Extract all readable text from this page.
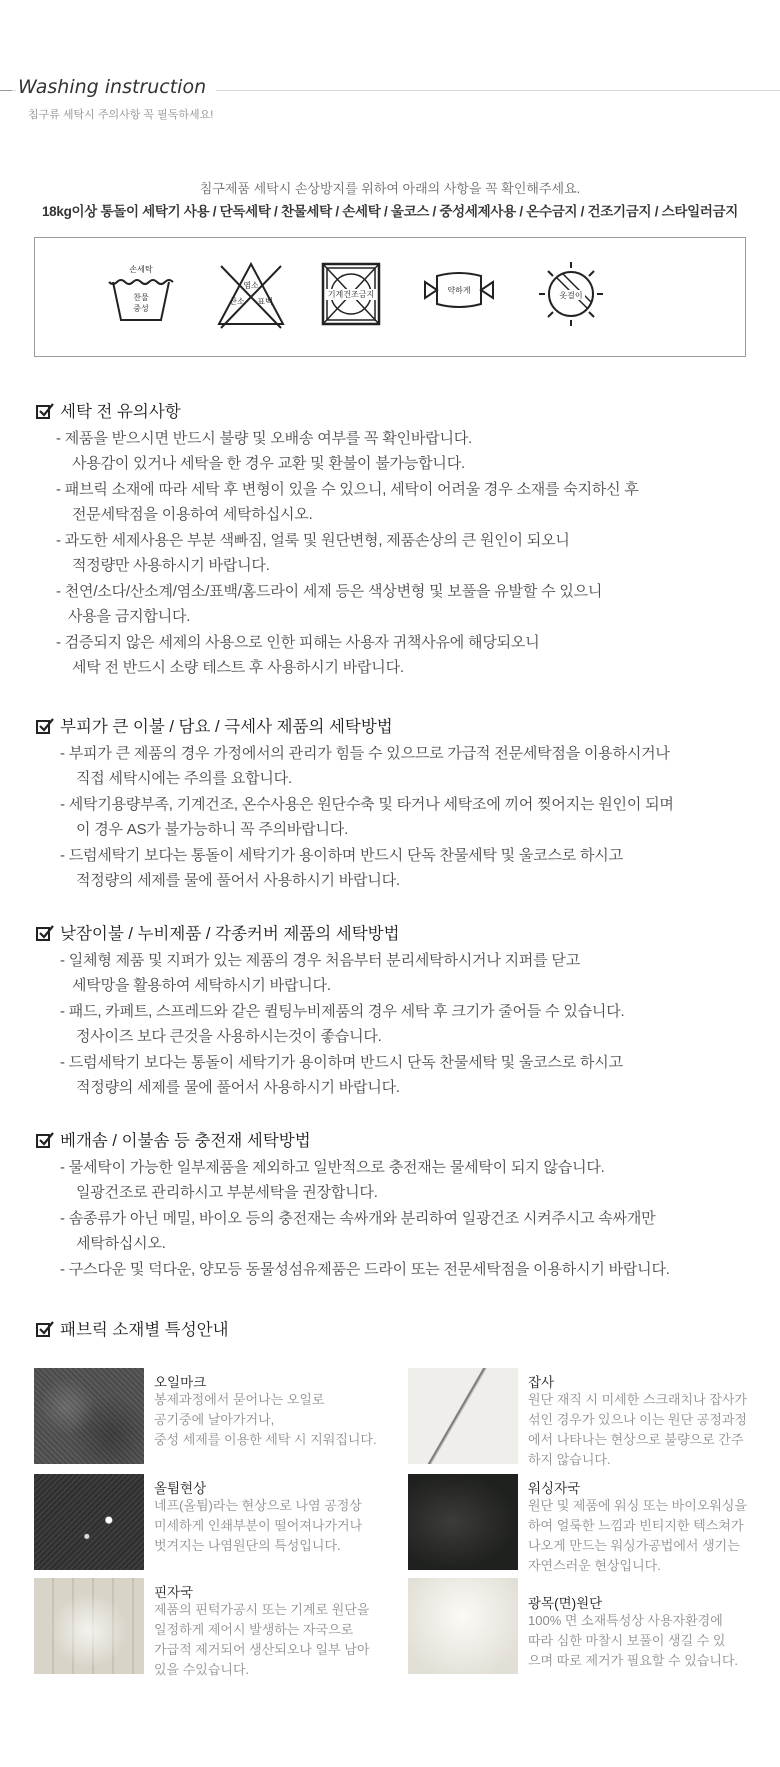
Washing instruction
침구류 세탁시 주의사항 꼭 필독하세요!
침구제품 세탁시 손상방지를 위하여 아래의 사항을 꼭 확인해주세요.
18kg이상 통돌이 세탁기 사용 / 단독세탁 / 찬물세탁 / 손세탁 / 울코스 / 중성세제사용 / 온수금지 / 건조기금지 / 스타일러금지
손세탁
찬물
중성
염소
산소 표백
기계건조금지	약하게
옷걸이
세탁 전 유의사항
- 제품을 받으시면 반드시 불량 및 오배송 여부를 꼭 확인바랍니다.
사용감이 있거나 세탁을 한 경우 교환 및 환불이 불가능합니다.
- 패브릭 소재에 따라 세탁 후 변형이 있을 수 있으니, 세탁이 어려울 경우 소재를 숙지하신 후
전문세탁점을 이용하여 세탁하십시오.
- 과도한 세제사용은 부분 색빠짐, 얼룩 및 원단변형, 제품손상의 큰 원인이 되오니
적정량만 사용하시기 바랍니다.
- 천연/소다/산소계/염소/표백/홈드라이 세제 등은 색상변형 및 보풀을 유발할 수 있으니
사용을 금지합니다.
- 검증되지 않은 세제의 사용으로 인한 피해는 사용자 귀책사유에 해당되오니
세탁 전 반드시 소량 테스트 후 사용하시기 바랍니다.
부피가 큰 이불 / 담요 / 극세사 제품의 세탁방법
- 부피가 큰 제품의 경우 가정에서의 관리가 힘들 수 있으므로 가급적 전문세탁점을 이용하시거나
직접 세탁시에는 주의를 요합니다.
- 세탁기용량부족, 기계건조, 온수사용은 원단수축 및 타거나 세탁조에 끼어 찢어지는 원인이 되며
이 경우 AS가 불가능하니 꼭 주의바랍니다.
- 드럼세탁기 보다는 통돌이 세탁기가 용이하며 반드시 단독 찬물세탁 및 울코스로 하시고
적정량의 세제를 물에 풀어서 사용하시기 바랍니다.
낮잠이불 / 누비제품 / 각종커버 제품의 세탁방법
- 일체형 제품 및 지퍼가 있는 제품의 경우 처음부터 분리세탁하시거나 지퍼를 닫고
세탁망을 활용하여 세탁하시기 바랍니다.
- 패드, 카페트, 스프레드와 같은 퀼팅누비제품의 경우 세탁 후 크기가 줄어들 수 있습니다.
정사이즈 보다 큰것을 사용하시는것이 좋습니다.
- 드럼세탁기 보다는 통돌이 세탁기가 용이하며 반드시 단독 찬물세탁 및 울코스로 하시고
적정량의 세제를 물에 풀어서 사용하시기 바랍니다.
베개솜 / 이불솜 등 충전재 세탁방법
- 물세탁이 가능한 일부제품을 제외하고 일반적으로 충전재는 물세탁이 되지 않습니다.
일광건조로 관리하시고 부분세탁을 권장합니다.
- 솜종류가 아닌 메밀, 바이오 등의 충전재는 속싸개와 분리하여 일광건조 시켜주시고 속싸개만
세탁하십시오.
- 구스다운 및 덕다운, 양모등 동물성섬유제품은 드라이 또는 전문세탁점을 이용하시기 바랍니다.
패브릭 소재별 특성안내
오일마크
봉제과정에서 묻어나는 오일로
공기중에 날아가거나,
중성 세제를 이용한 세탁 시 지워집니다.
잡사
원단 재직 시 미세한 스크래치나 잡사가
섞인 경우가 있으나 이는 원단 공정과정
에서 나타나는 현상으로 불량으로 간주
하지 않습니다.
올튐현상
네프(올튐)라는 현상으로 나염 공정상
미세하게 인쇄부분이 떨어져나가거나
벗겨지는 나염원단의 특성입니다.
워싱자국
원단 및 제품에 워싱 또는 바이오워싱을
하여 얼룩한 느낌과 빈티지한 텍스쳐가
나오게 만드는 워싱가공법에서 생기는
자연스러운 현상입니다.
핀자국
제품의 핀턱가공시 또는 기계로 원단을
일정하게 제어시 발생하는 자국으로
가급적 제거되어 생산되오나 일부 남아
있을 수있습니다.
광목(면)원단
100% 면 소재특성상 사용자환경에
따라 심한 마찰시 보풀이 생길 수 있
으며 따로 제거가 필요할 수 있습니다.
